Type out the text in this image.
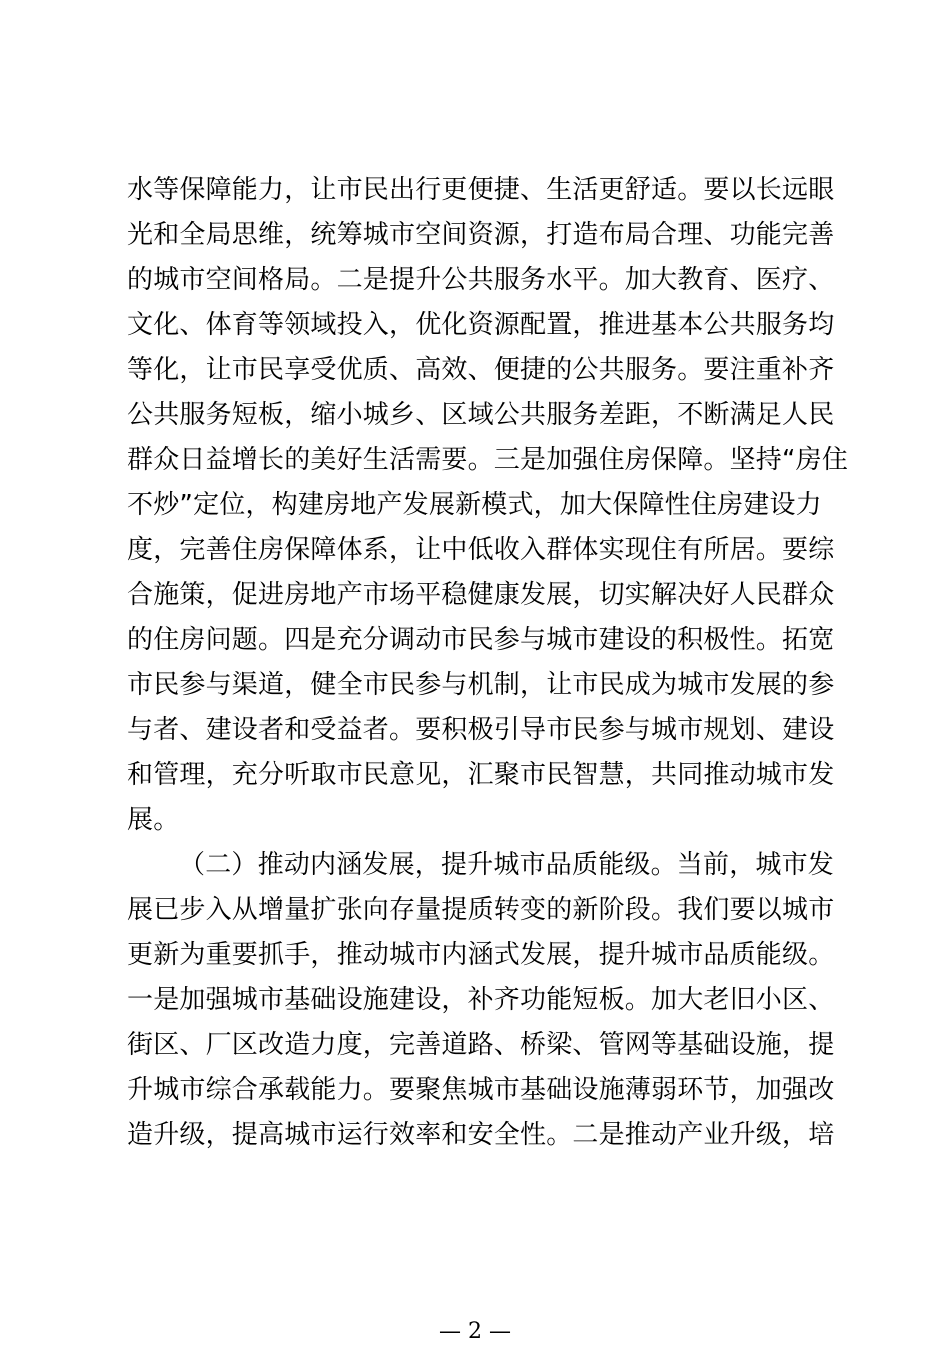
水等保障能力，让市民出行更便捷、生活更舒适。要以长远眼
光和全局思维，统筹城市空间资源，打造布局合理、功能完善
的城市空间格局。二是提升公共服务水平。加大教育、医疗、
文化、体育等领域投入，优化资源配置，推进基本公共服务均
等化，让市民享受优质、高效、便捷的公共服务。要注重补齐
公共服务短板，缩小城乡、区域公共服务差距，不断满足人民
群众日益增长的美好生活需要。三是加强住房保障。坚持“房住
不炒”定位，构建房地产发展新模式，加大保障性住房建设力
度，完善住房保障体系，让中低收入群体实现住有所居。要综
合施策，促进房地产市场平稳健康发展，切实解决好人民群众
的住房问题。四是充分调动市民参与城市建设的积极性。拓宽
市民参与渠道，健全市民参与机制，让市民成为城市发展的参
与者、建设者和受益者。要积极引导市民参与城市规划、建设
和管理，充分听取市民意见，汇聚市民智慧，共同推动城市发
展。
（二）推动内涵发展，提升城市品质能级。当前，城市发
展已步入从增量扩张向存量提质转变的新阶段。我们要以城市
更新为重要抓手，推动城市内涵式发展，提升城市品质能级。
一是加强城市基础设施建设，补齐功能短板。加大老旧小区、
街区、厂区改造力度，完善道路、桥梁、管网等基础设施，提
升城市综合承载能力。要聚焦城市基础设施薄弱环节，加强改
造升级，提高城市运行效率和安全性。二是推动产业升级，培
— 2 —
